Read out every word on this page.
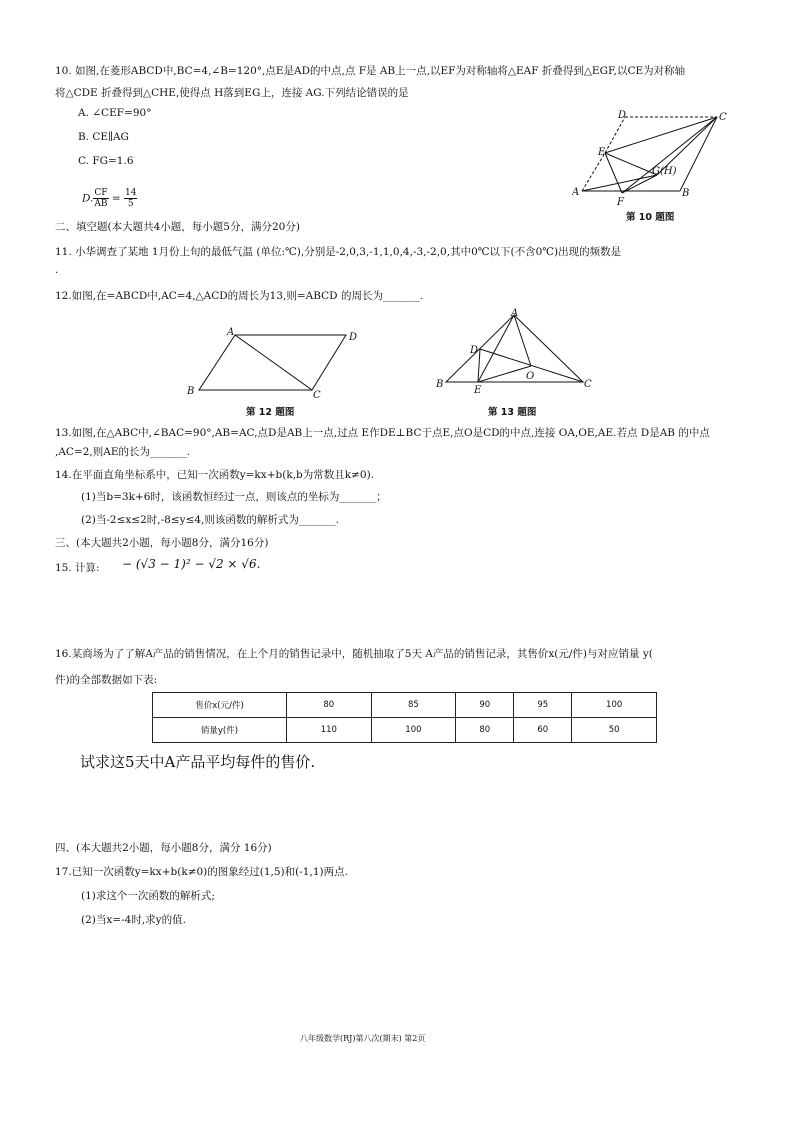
10. 如图,在菱形ABCD中,BC=4,∠B=120°,点E是AD的中点,点 F是 AB上一点,以EF为对称轴将△EAF 折叠得到△EGF,以CE为对称轴
将△CDE 折叠得到△CHE,使得点 H落到EG上，连接 AG.下列结论错误的是
A. ∠CEF=90°
B. CE∥AG
C. FG=1.6
D. $\frac{CF}{AB} = \frac{14}{5}$	A	B
C
D
E
F
G(H)
第 10 题图
二、填空题(本大题共4小题，每小题5分，满分20分)
11. 小华调查了某地 1月份上旬的最低气温 (单位:℃),分别是-2,0,3,-1,1,0,4,-3,-2,0,其中0℃以下(不含0℃)出现的频数是
.
12.如图,在=ABCD中,AC=4,△ACD的周长为13,则=ABCD 的周长为_______.
A	D
B	C
第 12 题图
A
B	C
D
E
O
第 13 题图
13.如图,在△ABC中,∠BAC=90°,AB=AC,点D是AB上一点,过点 E作DE⊥BC于点E,点O是CD的中点,连接 OA,OE,AE.若点 D是AB 的中点
,AC=2,则AE的长为_______.
14.在平面直角坐标系中，已知一次函数y=kx+b(k,b为常数且k≠0).
(1)当b=3k+6时，该函数恒经过一点，则该点的坐标为_______；
(2)当-2≤x≤2时,-8≤y≤4,则该函数的解析式为_______.
三、(本大题共2小题，每小题8分，满分16分)
15. 计算: − (√3 − 1)² − √2 × √6.
16.某商场为了了解A产品的销售情况，在上个月的销售记录中，随机抽取了5天 A产品的销售记录，其售价x(元/件)与对应销量 y(
件)的全部数据如下表:
售价x(元/件)	80	85	90	95	100
销量y(件)	110	100	80	60	50
试求这5天中A产品平均每件的售价.
四、(本大题共2小题，每小题8分，满分 16分)
17.已知一次函数y=kx+b(k≠0)的图象经过(1,5)和(-1,1)两点.
(1)求这个一次函数的解析式;
(2)当x=-4时,求y的值.
八年级数学(RJ)第八次(期末) 第2页
